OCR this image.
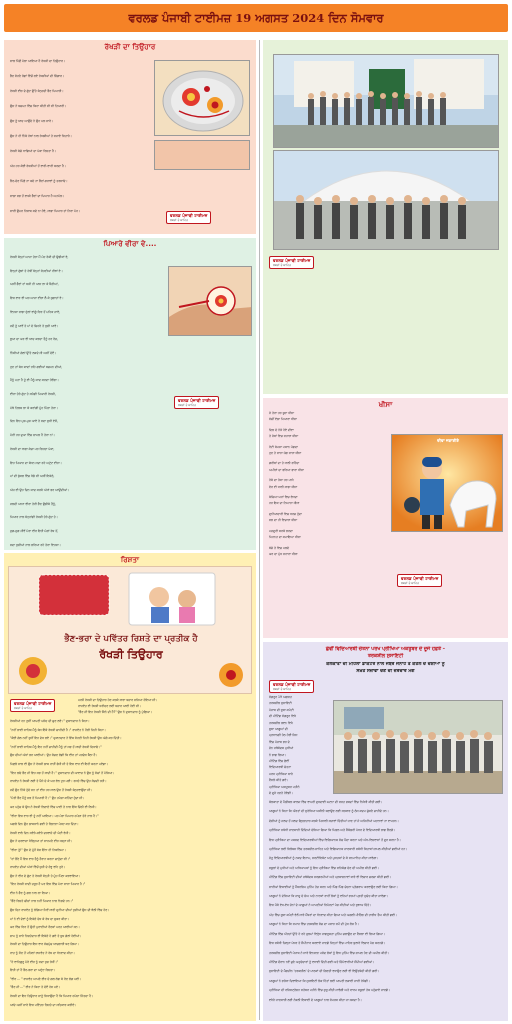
ਵਰਲਡ ਪੰਜਾਬੀ ਟਾਈਮਜ਼ 19 ਅਗਸਤ 2024 ਦਿਨ ਸੋਮਵਾਰ
ਰੱਖੜੀ ਦਾ ਤਿਉਹਾਰ
ਸਾਲ ਪਿੱਛੋਂ ਮੇਲਾ ਆਇਆ ਹੈ ਰੱਖੜੀ ਦਾ ਤਿਉਹਾਰ।
ਭੈਣ ਸੋਹਣੇ ਰੰਗਾਂ ਵਿੱਚੋਂ ਲਵੇ ਰੱਖੜੀਆਂ ਦੀ ਸ਼ਿੰਗਾਰ।
ਰੱਖੜੀ ਵੀਰ ਦੇ ਗੁੱਟ ਉੱਤੇ ਬੰਨ੍ਹਦੀ ਭੈਣ ਪਿਆਰੀ।
ਉਸ ਨੇ ਬਚਪਨ ਵਿੱਚ ਕਿਹਾ ਕੀਤੀ ਸੀ ਸੀ ਤਿਆਰੀ।
ਉਸ ਨੂੰ ਯਾਦ ਆਉਂਦੇ ਨੇ ਉਹ ਪਲ ਸਾਰੇ।
ਉਸ ਨੇ ਹੀ ਨਿੱਕੇ ਹੱਥਾਂ ਨਾਲ ਰੱਖੜੀਆਂ ਤੇ ਸਜਾਏ ਸਿਤਾਰੇ।
ਰੱਖੜੀ ਕੱਚੇ ਧਾਗਿਆਂ ਦਾ ਪੱਕਾ ਰਿਸ਼ਤਾ ਹੈ।
ਅੱਜ ਹਰ ਕੋਈ ਰੱਖੜੀਆਂ ਤੋਂ ਵਾਰੀ-ਵਾਰੀ ਕਰਦਾ ਹੈ।
ਲੈਣ-ਦੇਣ ਪਿੱਛੇ ਨਾ ਕਦੇ ਨਾ ਭੈਣਾਂ-ਭਰਾਵਾਂ ਨੂੰ ਤਰਸਾਓ।
ਸਾਡਾ ਸਭ ਤੋਂ ਵਧਕੇ ਭੈਣਾਂ ਦਾ ਪਿਆਰ ਹੈ ਅਨਮੋਲ।
ਸਾਰੀ ਉਮਰ ਹਿਸਾਬ ਕਦੇ ਨਾ ਹੋਵੇ, ਸਾਡਾ ਪਿਆਰ ਤਾਂ ਨਿਰਾ ਮੋਹ।
ਵਰਲਡ ਪੰਜਾਬੀ ਟਾਈਮਜ਼
ਖ਼ਬਰਾਂ ਤੇ ਸਾਹਿਤ
ਪਿਆਰੇ ਵੀਰਾ ਵੇ....
ਰੱਖੜੀ ਬੰਨ੍ਹਾਂ ਆਜਾ ਤੇਰਾ ਮੈਂ ਮੋਹ ਰੋਕੀ ਦੀ ਉਡੀਕਾਂ ਵੇ,
ਇਨ੍ਹਾਂ ਗੁੱਥਾਂ ਤੇ ਹੱਥੀਂ ਬੰਨ੍ਹਾਂ ਸੋਹਣੀਆਂ ਰੀਝਾਂ ਵੇ।
ਅਸੀਂ ਭੈਣਾਂ ਹਾਂ ਬੜੀ ਹੀ ਆਸ ਲਾ ਕੇ ਬੈਠੀਆਂ,
ਇਸ ਵਾਰ ਵੀ ਘਰ ਆਜਾ ਵੀਰਾ ਲੈ ਕੇ ਸੁਗਾਤਾਂ ਵੇ।
ਵਿਹੜਾ ਸਾਡਾ ਫੁੱਲਾਂ ਵਾਂਗੂੰ ਫਿਰ ਤੋਂ ਮਹਿਕ ਜਾਵੇ,
ਜਦੋਂ ਤੂੰ ਆਵੇਂ ਤੇ ਮਾਂ ਦੇ ਚਿਹਰੇ ਤੇ ਖੁਸ਼ੀ ਆਵੇ।
ਭੂਆ ਦਾ ਘਰ ਵੀ ਯਾਦ ਕਰਦਾ ਤੈਨੂੰ ਹਰ ਰੋਜ਼,
ਨਿੱਕੀਆਂ ਗੱਲਾਂ ਉੱਤੇ ਲੜਦੇ ਸੀ ਅਸੀਂ ਦੋਵੇਂ।
ਹੁਣ ਤਾਂ ਬੱਸ ਯਾਦਾਂ ਰਹਿ ਗਈਆਂ ਬਚਪਨ ਦੀਆਂ,
ਮੈਨੂੰ ਪਤਾ ਹੈ ਤੂੰ ਵੀ ਮੈਨੂੰ ਯਾਦ ਕਰਦਾ ਹੋਵੇਂਗਾ।
ਵੀਰਾ ਤੇਰੇ ਗੁੱਟ ਤੇ ਸਜੇਗੀ ਪਿਆਰੀ ਰੱਖੜੀ,
ਮੱਥੇ ਤਿਲਕ ਲਾ ਕੇ ਕਰਾਂਗੀ ਮੂੰਹ ਮਿੱਠਾ ਤੇਰਾ।
ਦਿਨ ਇਹ ਮੁੜ-ਮੁੜ ਆਵੇ ਤੇ ਸਦਾ ਸੁਖੀ ਵੱਸੇਂ,
ਮੇਰੀ ਹਰ ਦੁਆ ਵਿੱਚ ਸ਼ਾਮਲ ਹੈ ਤੇਰਾ ਨਾਂ।
ਰੱਖੜੀ ਦਾ ਧਾਗਾ ਕੱਚਾ ਪਰ ਰਿਸ਼ਤਾ ਪੱਕਾ,
ਇਹ ਪਿਆਰ ਦਾ ਬੰਧਨ ਸਦਾ ਰਹੇ ਅਟੁੱਟ ਵੀਰਾ।
ਮਾਂ ਦੀ ਬੁੱਕਲ ਵਿੱਚ ਖੇਡੇ ਸੀ ਅਸੀਂ ਇਕੱਠੇ,
ਅੱਜ ਵੀ ਉਹ ਦਿਨ ਯਾਦ ਕਰਕੇ ਅੱਖਾਂ ਭਰ ਆਉਂਦੀਆਂ।
ਜਲਦੀ ਆਜਾ ਵੀਰਾ ਤੇਰੀ ਭੈਣ ਉਡੀਕੇ ਤੈਨੂੰ,
ਪਿਆਰ ਨਾਲ ਬੰਨ੍ਹਾਂਗੀ ਰੱਖੜੀ ਤੇਰੇ ਗੁੱਟ ਤੇ।
ਜੁਗ-ਜੁਗ ਜੀਵੇਂ ਮੇਰਾ ਵੀਰ ਇਹੀ ਮੰਗਾਂ ਰੱਬ ਤੋਂ,
ਸਦਾ ਖੁਸ਼ੀਆਂ ਨਾਲ ਭਰਿਆ ਰਹੇ ਤੇਰਾ ਵਿਹੜਾ।
ਵਰਲਡ ਪੰਜਾਬੀ ਟਾਈਮਜ਼
ਖ਼ਬਰਾਂ ਤੇ ਸਾਹਿਤ
ਰਿਸ਼ਤਾ
ਭੈਣ-ਭਰਾ ਦੇ ਪਵਿੱਤਰ ਰਿਸ਼ਤੇ ਦਾ ਪ੍ਰਤੀਕ ਹੈ
ਰੱਖੜੀ ਤਿਉਹਾਰ
ਵਰਲਡ ਪੰਜਾਬੀ ਟਾਈਮਜ਼
ਖ਼ਬਰਾਂ ਤੇ ਸਾਹਿਤ
ਪਰਸੋਂ ਰੱਖੜੀ ਦਾ ਤਿਉਹਾਰ ਹੋਣ ਕਰਕੇ ਸਾਰਾ ਬਜ਼ਾਰ ਸਜਿਆ ਹੋਇਆ ਸੀ।
ਰਾਜਵੰਤ ਵੀ ਰੱਖੜੀ ਖਰੀਦਣ ਲਈ ਬਜ਼ਾਰ ਆਈ ਹੋਈ ਸੀ।
"ਭੈਣ ਜੀ ਇਹ ਰੱਖੜੀ ਕਿੰਨੇ ਦੀ ਹੈ?" ਉਸ ਨੇ ਦੁਕਾਨਦਾਰ ਨੂੰ ਪੁੱਛਿਆ।
ਰੱਖੜੀਆਂ ਹਨ ਤੁਸੀਂ ਆਪਣੀ ਪਸੰਦ ਦੀ ਚੁਣ ਲਵੋ।" ਦੁਕਾਨਦਾਰ ਨੇ ਕਿਹਾ।
"ਨਹੀਂ ਭਾਈ ਸਾਹਿਬ ਮੈਨੂੰ ਬੱਸ ਇੱਕੋ ਰੱਖੜੀ ਚਾਹੀਦੀ ਹੈ।" ਰਾਜਵੰਤ ਨੇ ਹੌਲੀ ਜਿਹੀ ਕਿਹਾ।
"ਕੋਈ ਗੱਲ ਨਹੀਂ ਤੁਸੀਂ ਇਹ ਦੇਖ ਲਵੋ।" ਦੁਕਾਨਦਾਰ ਨੇ ਇੱਕ ਸੋਹਣੀ ਜਿਹੀ ਰੱਖੜੀ ਉਸ ਅੱਗੇ ਕਰ ਦਿੱਤੀ।
"ਨਹੀਂ ਭਾਈ ਸਾਹਿਬ ਮੈਨੂੰ ਇਹ ਨਹੀਂ ਚਾਹੀਦੀ ਮੈਨੂੰ ਤਾਂ ਸਭ ਤੋਂ ਸਾਦੀ ਰੱਖੜੀ ਦਿਖਾਓ।"
ਉਸ ਦੀਆਂ ਅੱਖਾਂ ਭਰ ਆਈਆਂ। ਉਹ ਸੋਚਣ ਲੱਗੀ ਕਿ ਵੀਰ ਤਾਂ ਪਰਦੇਸ ਬੈਠਾ ਹੈ।
ਪਿਛਲੇ ਸਾਲ ਵੀ ਉਸ ਨੇ ਰੱਖੜੀ ਡਾਕ ਰਾਹੀਂ ਭੇਜੀ ਸੀ ਤੇ ਇਸ ਵਾਰ ਵੀ ਇਹੀ ਕਰਨਾ ਪਵੇਗਾ।
"ਇਹ ਲਓ ਭੈਣ ਜੀ ਇਹ ਸਭ ਤੋਂ ਸਾਦੀ ਹੈ।" ਦੁਕਾਨਦਾਰ ਦੀ ਆਵਾਜ਼ ਨੇ ਉਸ ਨੂੰ ਸੋਚਾਂ ਤੋਂ ਮੋੜਿਆ।
ਰਾਜਵੰਤ ਨੇ ਰੱਖੜੀ ਲਈ ਤੇ ਪੈਸੇ ਦੇ ਕੇ ਘਰ ਵੱਲ ਤੁਰ ਪਈ। ਰਸਤੇ ਵਿੱਚ ਉਹ ਸੋਚਦੀ ਰਹੀ।
ਜਦੋਂ ਉਹ ਨਿੱਕੇ ਹੁੰਦੇ ਸਨ ਤਾਂ ਵੀਰ ਹਰ ਸਾਲ ਉਸ ਤੋਂ ਰੱਖੜੀ ਬੰਨ੍ਹਵਾਉਂਦਾ ਸੀ।
"ਮੇਰੀ ਭੈਣ ਮੈਨੂੰ ਸਭ ਤੋਂ ਪਿਆਰੀ ਹੈ।" ਉਹ ਹਮੇਸ਼ਾ ਕਹਿੰਦਾ ਹੁੰਦਾ ਸੀ।
ਘਰ ਪਹੁੰਚ ਕੇ ਉਸ ਨੇ ਰੱਖੜੀ ਲਿਫ਼ਾਫ਼ੇ ਵਿੱਚ ਪਾਈ ਤੇ ਨਾਲ ਇੱਕ ਚਿੱਠੀ ਵੀ ਲਿਖੀ।
"ਵੀਰਾ ਇਸ ਵਾਰ ਵੀ ਤੂੰ ਨਹੀਂ ਆਇਆ। ਪਰ ਮੇਰਾ ਪਿਆਰ ਹਮੇਸ਼ਾ ਤੇਰੇ ਨਾਲ ਹੈ।"
ਅਗਲੇ ਦਿਨ ਉਹ ਡਾਕਖ਼ਾਨੇ ਗਈ ਤੇ ਲਿਫ਼ਾਫ਼ਾ ਪੋਸਟ ਕਰ ਦਿੱਤਾ।
ਰੱਖੜੀ ਵਾਲੇ ਦਿਨ ਸਵੇਰੇ-ਸਵੇਰੇ ਦਰਵਾਜ਼ੇ ਦੀ ਘੰਟੀ ਵੱਜੀ।
ਉਸ ਨੇ ਦਰਵਾਜ਼ਾ ਖੋਲ੍ਹਿਆ ਤਾਂ ਸਾਹਮਣੇ ਵੀਰ ਖੜ੍ਹਾ ਸੀ।
"ਵੀਰਾ ਤੂੰ!" ਉਸ ਦੇ ਮੂੰਹੋਂ ਬੱਸ ਇੰਨਾ ਹੀ ਨਿਕਲਿਆ।
"ਹਾਂ ਭੈਣੇ ਮੈਂ ਇਸ ਵਾਰ ਤੈਨੂੰ ਹੈਰਾਨ ਕਰਨਾ ਚਾਹੁੰਦਾ ਸੀ।"
ਰਾਜਵੰਤ ਦੀਆਂ ਅੱਖਾਂ ਵਿੱਚੋਂ ਖੁਸ਼ੀ ਦੇ ਹੰਝੂ ਵਹਿ ਤੁਰੇ।
ਉਸ ਨੇ ਵੀਰ ਦੇ ਗੁੱਟ ਤੇ ਰੱਖੜੀ ਬੰਨ੍ਹੀ ਤੇ ਮੂੰਹ ਮਿੱਠਾ ਕਰਵਾਇਆ।
"ਇਹ ਰੱਖੜੀ ਸਾਦੀ ਜ਼ਰੂਰ ਹੈ ਪਰ ਇਸ ਵਿੱਚ ਮੇਰਾ ਸਾਰਾ ਪਿਆਰ ਹੈ।"
ਵੀਰ ਨੇ ਭੈਣ ਨੂੰ ਗਲ ਨਾਲ ਲਾ ਲਿਆ।
"ਭੈਣੇ ਰਿਸ਼ਤੇ ਚੀਜ਼ਾਂ ਨਾਲ ਨਹੀਂ ਪਿਆਰ ਨਾਲ ਨਿਭਦੇ ਹਨ।"
ਉਸ ਦਿਨ ਰਾਜਵੰਤ ਨੂੰ ਲੱਗਿਆ ਜਿਵੇਂ ਸਾਰੀ ਦੁਨੀਆ ਦੀਆਂ ਖੁਸ਼ੀਆਂ ਉਸ ਦੀ ਝੋਲੀ ਵਿੱਚ ਹੋਣ।
ਮਾਂ ਨੇ ਵੀ ਦੋਵਾਂ ਨੂੰ ਇਕੱਠੇ ਦੇਖ ਕੇ ਰੱਬ ਦਾ ਸ਼ੁਕਰ ਕੀਤਾ।
ਘਰ ਵਿੱਚ ਫਿਰ ਤੋਂ ਉਹੀ ਪੁਰਾਣੀਆਂ ਰੌਣਕਾਂ ਪਰਤ ਆਈਆਂ ਸਨ।
ਸ਼ਾਮ ਨੂੰ ਸਾਰੇ ਰਿਸ਼ਤੇਦਾਰ ਵੀ ਇਕੱਠੇ ਹੋ ਗਏ ਤੇ ਖੂਬ ਗੱਲਾਂ ਹੋਈਆਂ।
ਰੱਖੜੀ ਦਾ ਤਿਉਹਾਰ ਇਸ ਵਾਰ ਸੱਚਮੁੱਚ ਯਾਦਗਾਰੀ ਬਣ ਗਿਆ।
ਰਾਤ ਨੂੰ ਸੌਣ ਤੋਂ ਪਹਿਲਾਂ ਰਾਜਵੰਤ ਨੇ ਰੱਬ ਦਾ ਧੰਨਵਾਦ ਕੀਤਾ।
"ਹੇ ਵਾਹਿਗੁਰੂ ਮੇਰੇ ਵੀਰ ਨੂੰ ਸਦਾ ਖੁਸ਼ ਰੱਖੀਂ।"
ਇਹੀ ਤਾਂ ਹੈ ਭੈਣ-ਭਰਾ ਦਾ ਅਟੁੱਟ ਰਿਸ਼ਤਾ।
"ਵੀਰ ... " ਰਾਜਵੰਤ ਆਪਣੇ ਵੀਰ ਦੇ ਗਲ ਲੱਗ ਕੇ ਰੋਣ ਲੱਗ ਪਈ।
"ਭੈਣ ਜੀ ..." ਵੀਰ ਨੇ ਕਿਹਾ ਤੇ ਦੋਵੇਂ ਹੱਸ ਪਏ।
ਰੱਖੜੀ ਦਾ ਇਹ ਤਿਉਹਾਰ ਸਾਨੂੰ ਸਿਖਾਉਂਦਾ ਹੈ ਕਿ ਪਿਆਰ ਹਮੇਸ਼ਾ ਜਿੱਤਦਾ ਹੈ।
ਆਓ ਅਸੀਂ ਸਾਰੇ ਇਸ ਪਵਿੱਤਰ ਰਿਸ਼ਤੇ ਦਾ ਸਤਿਕਾਰ ਕਰੀਏ।
ਵਰਲਡ ਪੰਜਾਬੀ ਟਾਈਮਜ਼
ਖ਼ਬਰਾਂ ਤੇ ਸਾਹਿਤ
ਖੀਸਾ
ਜੇ ਤੇਰਾ ਹਰ ਬੂਹਾ ਖੀਸਾ
ਸੱਚੀਂ ਵੱਡਾ ਪਿਆਰਾ ਖੀਸਾ
ਦਿਲ ਦੇ ਨੇੜੇ ਹੋਵੇ ਦੀਵਾ
ਤੇ ਜੇਬਾਂ ਵਿਚ ਸਹਾਰਾ ਖੀਸਾ
ਰੋਟੀ ਕੱਪੜਾ ਮਕਾਨ ਮੰਗਦਾ
ਹੁਣ ਤੇ ਸਾਰਾ ਜੱਗ ਸਾਰਾ ਖੀਸਾ
ਗਰੀਬਾਂ ਦਾ ਤੇ ਖਾਲੀ ਰਹਿੰਦਾ
ਅਮੀਰਾਂ ਦਾ ਭਰਿਆ ਭਾਰਾ ਖੀਸਾ
ਹੋਕੇ ਦਾ ਹੋਕਾ ਹਰ ਪਾਸੇ
ਫੇਰ ਵੀ ਖਾਲੀ ਸਾਡਾ ਖੀਸਾ
ਕੱਚਿਆ ਘਰਾਂ ਵਿਚ ਵੱਸਦਾ
ਹਰ ਇਕ ਦਾ ਨਿਆਰਾ ਖੀਸਾ
ਦੁਨੀਆਦਾਰੀ ਵਿਚ ਖਰਚ ਹੁੰਦਾ
ਸਭ ਦਾ ਹੀ ਵਿਚਾਰਾ ਖੀਸਾ
ਮਜ਼ਦੂਰੀ ਕਰਕੇ ਭਰਦਾ
ਮਿਹਨਤ ਦਾ ਕਮਾਇਆ ਖੀਸਾ
ਬੱਚੇ ਤੇ ਵਿਚ ਪਲਦੇ
ਘਰ ਦਾ ਮੁੱਖ ਸਹਾਰਾ ਖੀਸਾ
ਦੀਵਾ ਜਗਾਈਏ
ਵਰਲਡ ਪੰਜਾਬੀ ਟਾਈਮਜ਼
ਖ਼ਬਰਾਂ ਤੇ ਸਾਹਿਤ
ਛੇਵੀਂ ਵਿਦਿਆਰਥੀ ਚੇਤਨਾ ਪਰਖ ਪ੍ਰੀਖਿਆ ਅਕਤੂਬਰ ਦੇ ਦੂਜੇ ਹਫ਼ਤੇ –
ਤਰਕਸ਼ੀਲ ਸੁਸਾਇਟੀ
ਕੋਲਕਾਤਾ ਦੀ ਮਹਿਲਾ ਡਾਕਟਰ ਨਾਲ ਜਬਰ ਜਨਾਹ ਤੇ ਕਤਲ ਦੇ ਦੋਸ਼ੀਆਂ ਨੂੰ
ਸਖ਼ਤ ਸਜ਼ਾਵਾਂ ਦੇਣ ਦੀ ਜ਼ੋਰਦਾਰ ਮੰਗ
ਵਰਲਡ ਪੰਜਾਬੀ ਟਾਈਮਜ਼
ਖ਼ਬਰਾਂ ਤੇ ਸਾਹਿਤ
ਸੰਗਰੂਰ 19 ਅਗਸਤ
ਤਰਕਸ਼ੀਲ ਸੁਸਾਇਟੀ
ਪੰਜਾਬ ਦੀ ਸੂਬਾ ਕਮੇਟੀ
ਦੀ ਮੀਟਿੰਗ ਸੰਗਰੂਰ ਵਿਖੇ
ਤਰਕਸ਼ੀਲ ਭਵਨ ਵਿਖੇ
ਸੂਬਾ ਆਗੂਆਂ ਦੀ
ਪ੍ਰਧਾਨਗੀ ਹੇਠ ਹੋਈ ਜਿਸ
ਵਿੱਚ ਪੰਜਾਬ ਭਰ ਦੇ
ਜ਼ੋਨ ਜਥੇਬੰਦਕ ਮੁਖੀਆਂ
ਨੇ ਭਾਗ ਲਿਆ।
ਮੀਟਿੰਗ ਵਿੱਚ ਛੇਵੀਂ
ਵਿਦਿਆਰਥੀ ਚੇਤਨਾ
ਪਰਖ ਪ੍ਰੀਖਿਆ ਬਾਰੇ
ਫੈਸਲੇ ਕੀਤੇ ਗਏ।
ਪ੍ਰੀਖਿਆ ਅਕਤੂਬਰ ਮਹੀਨੇ
ਦੇ ਦੂਜੇ ਹਫ਼ਤੇ ਹੋਵੇਗੀ।
ਕੋਲਕਾਤਾ ਦੇ ਮੈਡੀਕਲ ਕਾਲਜ ਵਿੱਚ ਵਾਪਰੀ ਦੁਖਦਾਈ ਘਟਨਾ ਦੀ ਸਖ਼ਤ ਸ਼ਬਦਾਂ ਵਿੱਚ ਨਿਖੇਧੀ ਕੀਤੀ ਗਈ।
ਆਗੂਆਂ ਨੇ ਕਿਹਾ ਕਿ ਔਰਤਾਂ ਦੀ ਸੁਰੱਖਿਆ ਯਕੀਨੀ ਬਣਾਉਣ ਲਈ ਸਰਕਾਰ ਨੂੰ ਠੋਸ ਕਦਮ ਚੁੱਕਣੇ ਚਾਹੀਦੇ ਹਨ।
ਦੋਸ਼ੀਆਂ ਨੂੰ ਜਲਦ ਤੋਂ ਜਲਦ ਗ੍ਰਿਫ਼ਤਾਰ ਕਰਕੇ ਮਿਸਾਲੀ ਸਜ਼ਾਵਾਂ ਦਿੱਤੀਆਂ ਜਾਣ ਤਾਂ ਜੋ ਅਜਿਹੀਆਂ ਘਟਨਾਵਾਂ ਨਾ ਵਾਪਰਨ।
ਪ੍ਰੀਖਿਆ ਸਬੰਧੀ ਜਾਣਕਾਰੀ ਦਿੰਦਿਆਂ ਦੱਸਿਆ ਗਿਆ ਕਿ ਮਿਡਲ ਅਤੇ ਸੈਕੰਡਰੀ ਪੱਧਰ ਦੇ ਵਿਦਿਆਰਥੀ ਭਾਗ ਲੈਣਗੇ।
ਇਸ ਪ੍ਰੀਖਿਆ ਦਾ ਮਕਸਦ ਵਿਦਿਆਰਥੀਆਂ ਵਿੱਚ ਵਿਗਿਆਨਕ ਸੋਚ ਪੈਦਾ ਕਰਨਾ ਅਤੇ ਅੰਧ-ਵਿਸ਼ਵਾਸਾਂ ਤੋਂ ਦੂਰ ਕਰਨਾ ਹੈ।
ਪ੍ਰੀਖਿਆ ਲਈ ਸਿਲੇਬਸ ਵਿੱਚ ਤਰਕਸ਼ੀਲ ਸਾਹਿਤ ਅਤੇ ਵਿਗਿਆਨਕ ਜਾਣਕਾਰੀ ਸਬੰਧੀ ਕਿਤਾਬਾਂ ਸ਼ਾਮਲ ਕੀਤੀਆਂ ਗਈਆਂ ਹਨ।
ਜੇਤੂ ਵਿਦਿਆਰਥੀਆਂ ਨੂੰ ਨਕਦ ਇਨਾਮ, ਸਰਟੀਫਿਕੇਟ ਅਤੇ ਪੁਸਤਕਾਂ ਦੇ ਕੇ ਸਨਮਾਨਿਤ ਕੀਤਾ ਜਾਵੇਗਾ।
ਸਕੂਲਾਂ ਦੇ ਮੁਖੀਆਂ ਅਤੇ ਅਧਿਆਪਕਾਂ ਨੂੰ ਇਸ ਪ੍ਰੀਖਿਆ ਵਿੱਚ ਸਹਿਯੋਗ ਦੇਣ ਦੀ ਅਪੀਲ ਕੀਤੀ ਗਈ।
ਮੀਟਿੰਗ ਵਿੱਚ ਸੁਸਾਇਟੀ ਦੀਆਂ ਜਥੇਬੰਦਕ ਸਰਗਰਮੀਆਂ ਅਤੇ ਪ੍ਰਕਾਸ਼ਨਾਵਾਂ ਬਾਰੇ ਵੀ ਵਿਚਾਰ ਚਰਚਾ ਕੀਤੀ ਗਈ।
ਸਾਰੀਆਂ ਇਕਾਈਆਂ ਨੂੰ ਮੈਂਬਰਸ਼ਿਪ ਮੁਹਿੰਮ ਤੇਜ਼ ਕਰਨ ਅਤੇ ਪਿੰਡ ਪਿੰਡ ਚੇਤਨਾ ਪ੍ਰੋਗਰਾਮ ਕਰਵਾਉਣ ਲਈ ਕਿਹਾ ਗਿਆ।
ਆਗੂਆਂ ਨੇ ਦੱਸਿਆ ਕਿ ਜਾਦੂ ਦੇ ਸ਼ੋਅ ਅਤੇ ਨਾਟਕਾਂ ਰਾਹੀਂ ਲੋਕਾਂ ਨੂੰ ਵਹਿਮਾਂ ਭਰਮਾਂ ਪ੍ਰਤੀ ਸੁਚੇਤ ਕੀਤਾ ਜਾਵੇਗਾ।
ਇਸ ਮੌਕੇ ਵੱਖ-ਵੱਖ ਜ਼ੋਨਾਂ ਦੇ ਆਗੂਆਂ ਨੇ ਆਪਣੀਆਂ ਰਿਪੋਰਟਾਂ ਪੇਸ਼ ਕੀਤੀਆਂ ਅਤੇ ਸੁਝਾਅ ਦਿੱਤੇ।
ਅੰਤ ਵਿੱਚ ਸੂਬਾ ਕਮੇਟੀ ਵੱਲੋਂ ਸਾਰੇ ਮੈਂਬਰਾਂ ਦਾ ਧੰਨਵਾਦ ਕੀਤਾ ਗਿਆ ਅਤੇ ਅਗਲੀ ਮੀਟਿੰਗ ਦੀ ਤਾਰੀਖ ਤੈਅ ਕੀਤੀ ਗਈ।
ਆਗੂਆਂ ਨੇ ਕਿਹਾ ਕਿ ਸਮਾਜ ਵਿੱਚ ਤਰਕਸ਼ੀਲ ਸੋਚ ਦਾ ਪਸਾਰ ਸਮੇਂ ਦੀ ਮੁੱਖ ਲੋੜ ਹੈ।
ਮੀਟਿੰਗ ਵਿੱਚ ਔਰਤਾਂ ਉੱਤੇ ਹੋ ਰਹੇ ਜ਼ੁਲਮਾਂ ਵਿਰੁੱਧ ਜਾਗਰੂਕਤਾ ਮੁਹਿੰਮ ਚਲਾਉਣ ਦਾ ਫੈਸਲਾ ਵੀ ਲਿਆ ਗਿਆ।
ਇਸ ਸਬੰਧੀ ਜ਼ਿਲ੍ਹਾ ਪੱਧਰ ਤੇ ਸੈਮੀਨਾਰ ਕਰਵਾਏ ਜਾਣਗੇ ਜਿਨ੍ਹਾਂ ਵਿੱਚ ਮਾਹਿਰ ਬੁਲਾਰੇ ਵਿਚਾਰ ਪੇਸ਼ ਕਰਨਗੇ।
ਤਰਕਸ਼ੀਲ ਸੁਸਾਇਟੀ ਪੰਜਾਬ ਨੇ ਸਾਰੇ ਇਨਸਾਫ਼ ਪਸੰਦ ਲੋਕਾਂ ਨੂੰ ਇਸ ਮੁਹਿੰਮ ਵਿੱਚ ਸ਼ਾਮਲ ਹੋਣ ਦੀ ਅਪੀਲ ਕੀਤੀ।
ਮੀਟਿੰਗ ਦੌਰਾਨ ਨਵੇਂ ਚੁਣੇ ਅਹੁਦੇਦਾਰਾਂ ਨੂੰ ਵਧਾਈ ਦਿੱਤੀ ਗਈ ਅਤੇ ਜ਼ਿੰਮੇਵਾਰੀਆਂ ਸੌਂਪੀਆਂ ਗਈਆਂ।
ਸੁਸਾਇਟੀ ਦੇ ਮੈਗਜ਼ੀਨ 'ਤਰਕਸ਼ੀਲ' ਦੇ ਪਾਠਕਾਂ ਦੀ ਗਿਣਤੀ ਵਧਾਉਣ ਲਈ ਵੀ ਵਿਉਂਤਬੰਦੀ ਕੀਤੀ ਗਈ।
ਆਗੂਆਂ ਨੇ ਭਰੋਸਾ ਦਿਵਾਇਆ ਕਿ ਸੁਸਾਇਟੀ ਲੋਕ ਹਿੱਤਾਂ ਲਈ ਆਪਣੀ ਲੜਾਈ ਜਾਰੀ ਰੱਖੇਗੀ।
ਪ੍ਰੀਖਿਆ ਦੀ ਰਜਿਸਟ੍ਰੇਸ਼ਨ ਸਤੰਬਰ ਮਹੀਨੇ ਵਿੱਚ ਸ਼ੁਰੂ ਕੀਤੀ ਜਾਵੇਗੀ ਅਤੇ ਫਾਰਮ ਸਕੂਲਾਂ ਤੱਕ ਪਹੁੰਚਾਏ ਜਾਣਗੇ।
ਵਧੇਰੇ ਜਾਣਕਾਰੀ ਲਈ ਨੇੜਲੀ ਇਕਾਈ ਦੇ ਆਗੂਆਂ ਨਾਲ ਸੰਪਰਕ ਕੀਤਾ ਜਾ ਸਕਦਾ ਹੈ।
